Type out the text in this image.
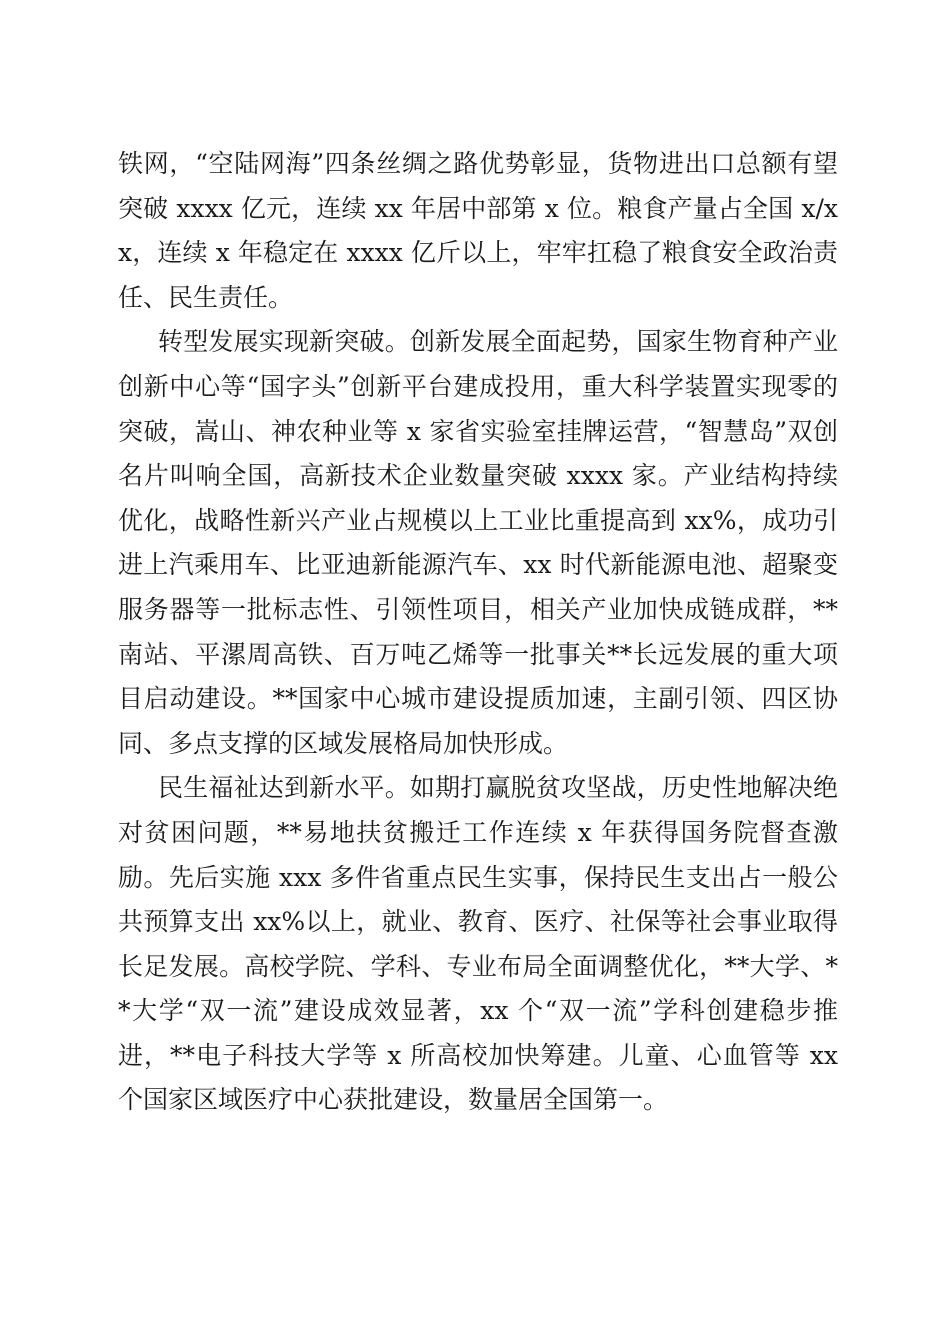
铁网，“空陆网海”四条丝绸之路优势彰显，货物进出口总额有望突破 xxxx 亿元，连续 xx 年居中部第 x 位。粮食产量占全国 x/xx，连续 x 年稳定在 xxxx 亿斤以上，牢牢扛稳了粮食安全政治责任、民生责任。

转型发展实现新突破。创新发展全面起势，国家生物育种产业创新中心等“国字头”创新平台建成投用，重大科学装置实现零的突破，嵩山、神农种业等 x 家省实验室挂牌运营，“智慧岛”双创名片叫响全国，高新技术企业数量突破 xxxx 家。产业结构持续优化，战略性新兴产业占规模以上工业比重提高到 xx%，成功引进上汽乘用车、比亚迪新能源汽车、xx 时代新能源电池、超聚变服务器等一批标志性、引领性项目，相关产业加快成链成群，**南站、平漯周高铁、百万吨乙烯等一批事关**长远发展的重大项目启动建设。**国家中心城市建设提质加速，主副引领、四区协同、多点支撑的区域发展格局加快形成。

民生福祉达到新水平。如期打赢脱贫攻坚战，历史性地解决绝对贫困问题，**易地扶贫搬迁工作连续 x 年获得国务院督查激励。先后实施 xxx 多件省重点民生实事，保持民生支出占一般公共预算支出 xx%以上，就业、教育、医疗、社保等社会事业取得长足发展。高校学院、学科、专业布局全面调整优化，**大学、**大学“双一流”建设成效显著，xx 个“双一流”学科创建稳步推进，**电子科技大学等 x 所高校加快筹建。儿童、心血管等 xx 个国家区域医疗中心获批建设，数量居全国第一。
